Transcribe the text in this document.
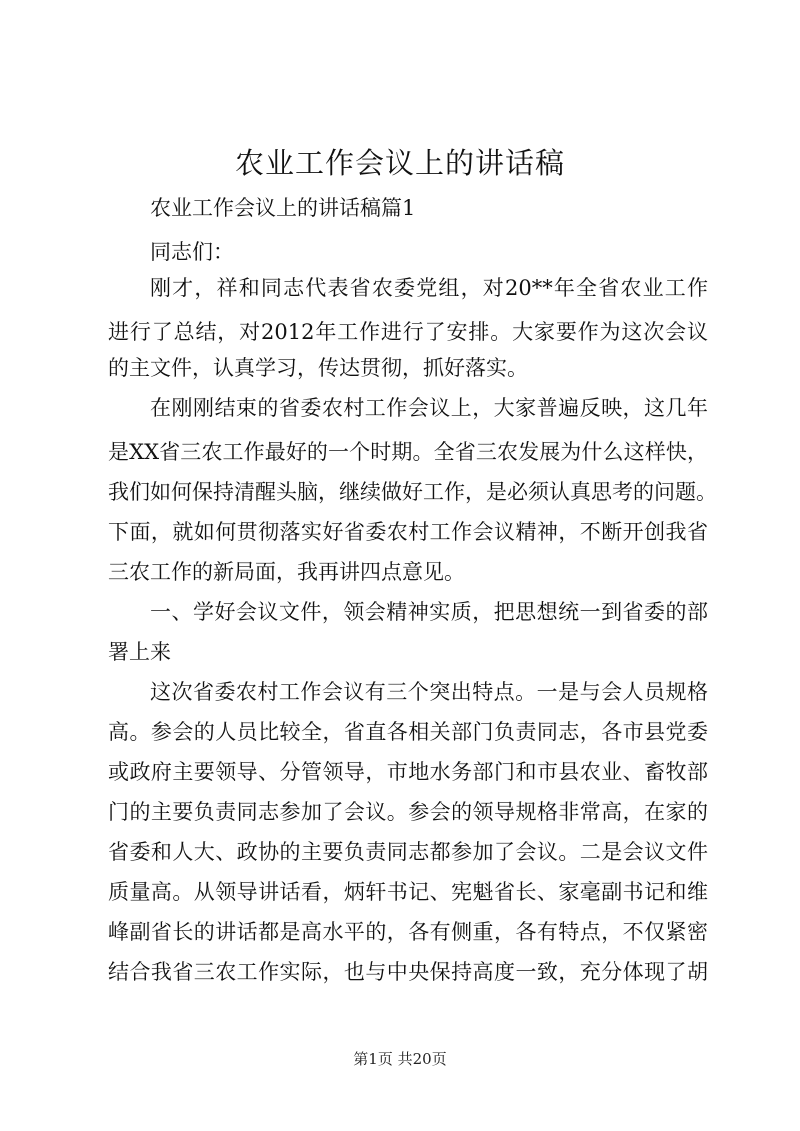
农业工作会议上的讲话稿

农业工作会议上的讲话稿篇1

同志们：

刚才，祥和同志代表省农委党组，对20**年全省农业工作

进行了总结，对2012年工作进行了安排。大家要作为这次会议

的主文件，认真学习，传达贯彻，抓好落实。

在刚刚结束的省委农村工作会议上，大家普遍反映，这几年

是XX省三农工作最好的一个时期。全省三农发展为什么这样快，

我们如何保持清醒头脑，继续做好工作，是必须认真思考的问题。

下面，就如何贯彻落实好省委农村工作会议精神，不断开创我省

三农工作的新局面，我再讲四点意见。

一、学好会议文件，领会精神实质，把思想统一到省委的部

署上来

这次省委农村工作会议有三个突出特点。一是与会人员规格

高。参会的人员比较全，省直各相关部门负责同志，各市县党委

或政府主要领导、分管领导，市地水务部门和市县农业、畜牧部

门的主要负责同志参加了会议。参会的领导规格非常高，在家的

省委和人大、政协的主要负责同志都参加了会议。二是会议文件

质量高。从领导讲话看，炳轩书记、宪魁省长、家毫副书记和维

峰副省长的讲话都是高水平的，各有侧重，各有特点，不仅紧密

结合我省三农工作实际，也与中央保持高度一致，充分体现了胡

第1页 共20页
